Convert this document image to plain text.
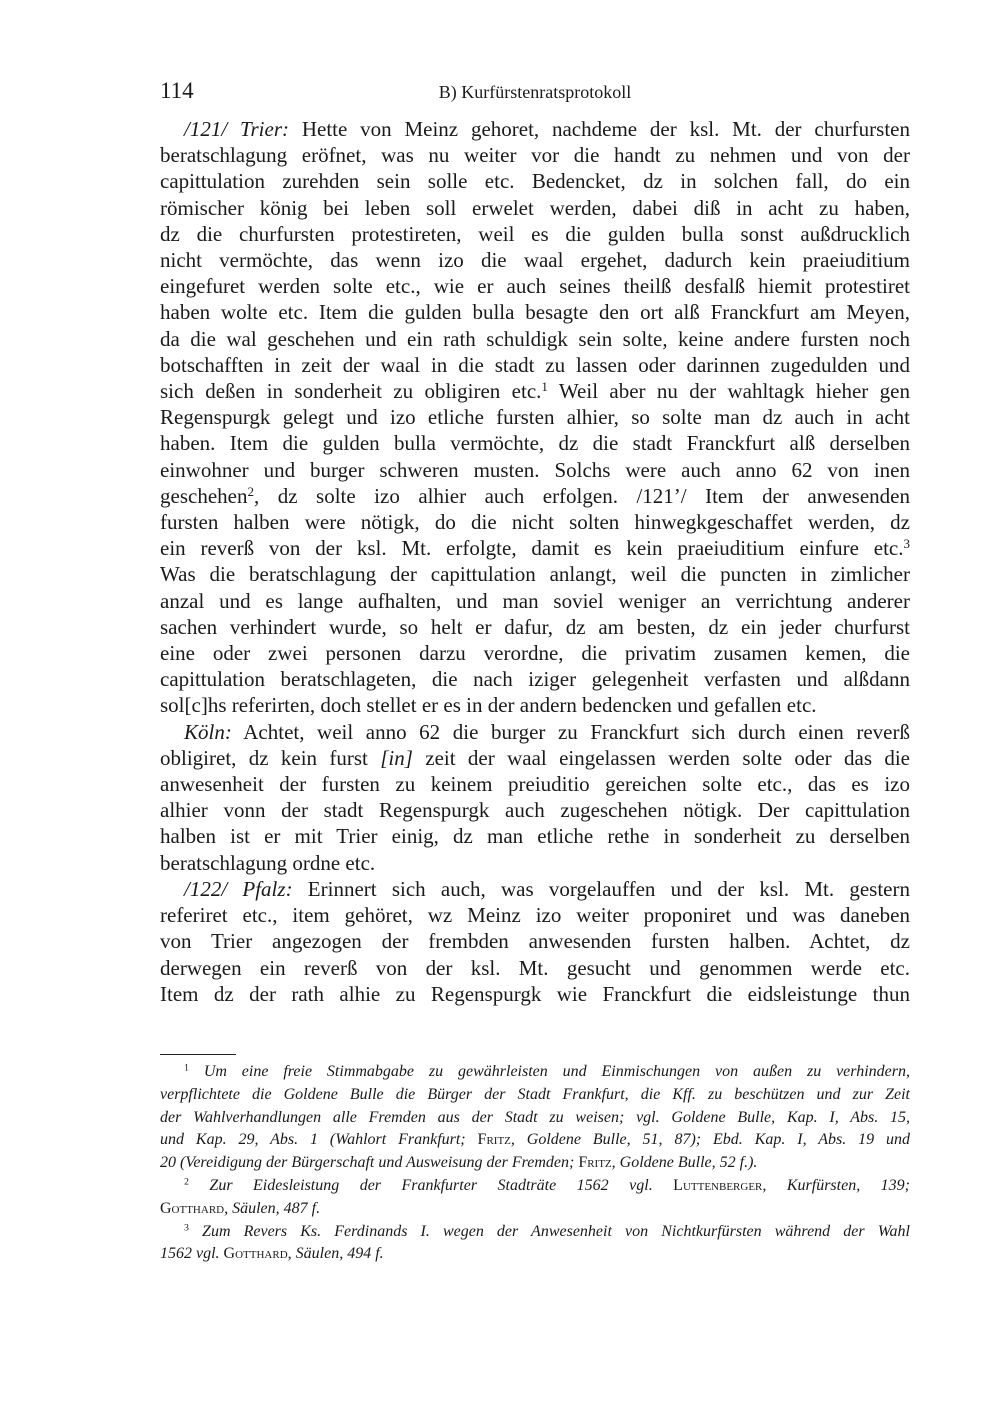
114	B) Kurfürstenratsprotokoll
/121/ Trier: Hette von Meinz gehoret, nachdeme der ksl. Mt. der churfursten
beratschlagung eröfnet, was nu weiter vor die handt zu nehmen und von der
capittulation zurehden sein solle etc. Bedencket, dz in solchen fall, do ein
römischer könig bei leben soll erwelet werden, dabei diß in acht zu haben,
dz die churfursten protestireten, weil es die gulden bulla sonst außdrucklich
nicht vermöchte, das wenn izo die waal ergehet, dadurch kein praeiuditium
eingefuret werden solte etc., wie er auch seines theilß desfalß hiemit protestiret
haben wolte etc. Item die gulden bulla besagte den ort alß Franckfurt am Meyen,
da die wal geschehen und ein rath schuldigk sein solte, keine andere fursten noch
botschafften in zeit der waal in die stadt zu lassen oder darinnen zugedulden und
sich deßen in sonderheit zu obligiren etc.$^1$ Weil aber nu der wahltagk hieher gen
Regenspurgk gelegt und izo etliche fursten alhier, so solte man dz auch in acht
haben. Item die gulden bulla vermöchte, dz die stadt Franckfurt alß derselben
einwohner und burger schweren musten. Solchs were auch anno 62 von inen
geschehen$^2$, dz solte izo alhier auch erfolgen. /121’/ Item der anwesenden
fursten halben were nötigk, do die nicht solten hinwegkgeschaffet werden, dz
ein reverß von der ksl. Mt. erfolgte, damit es kein praeiuditium einfure etc.$^3$
Was die beratschlagung der capittulation anlangt, weil die puncten in zimlicher
anzal und es lange aufhalten, und man soviel weniger an verrichtung anderer
sachen verhindert wurde, so helt er dafur, dz am besten, dz ein jeder churfurst
eine oder zwei personen darzu verordne, die privatim zusamen kemen, die
capittulation beratschlageten, die nach iziger gelegenheit verfasten und alßdann
sol[c]hs referirten, doch stellet er es in der andern bedencken und gefallen etc.
Köln: Achtet, weil anno 62 die burger zu Franckfurt sich durch einen reverß
obligiret, dz kein furst [in] zeit der waal eingelassen werden solte oder das die
anwesenheit der fursten zu keinem preiuditio gereichen solte etc., das es izo
alhier vonn der stadt Regenspurgk auch zugeschehen nötigk. Der capittulation
halben ist er mit Trier einig, dz man etliche rethe in sonderheit zu derselben
beratschlagung ordne etc.
/122/ Pfalz: Erinnert sich auch, was vorgelauffen und der ksl. Mt. gestern
referiret etc., item gehöret, wz Meinz izo weiter proponiret und was daneben
von Trier angezogen der frembden anwesenden fursten halben. Achtet, dz
derwegen ein reverß von der ksl. Mt. gesucht und genommen werde etc.
Item dz der rath alhie zu Regenspurgk wie Franckfurt die eidsleistunge thun
$^1$ Um eine freie Stimmabgabe zu gewährleisten und Einmischungen von außen zu verhindern,
verpflichtete die Goldene Bulle die Bürger der Stadt Frankfurt, die Kff. zu beschützen und zur Zeit
der Wahlverhandlungen alle Fremden aus der Stadt zu weisen; vgl. Goldene Bulle, Kap. I, Abs. 15,
und Kap. 29, Abs. 1 (Wahlort Frankfurt; Fritz, Goldene Bulle, 51, 87); Ebd. Kap. I, Abs. 19 und
20 (Vereidigung der Bürgerschaft und Ausweisung der Fremden; Fritz, Goldene Bulle, 52 f.).
$^2$ Zur Eidesleistung der Frankfurter Stadträte 1562 vgl. Luttenberger, Kurfürsten, 139;
Gotthard, Säulen, 487 f.
$^3$ Zum Revers Ks. Ferdinands I. wegen der Anwesenheit von Nichtkurfürsten während der Wahl
1562 vgl. Gotthard, Säulen, 494 f.
